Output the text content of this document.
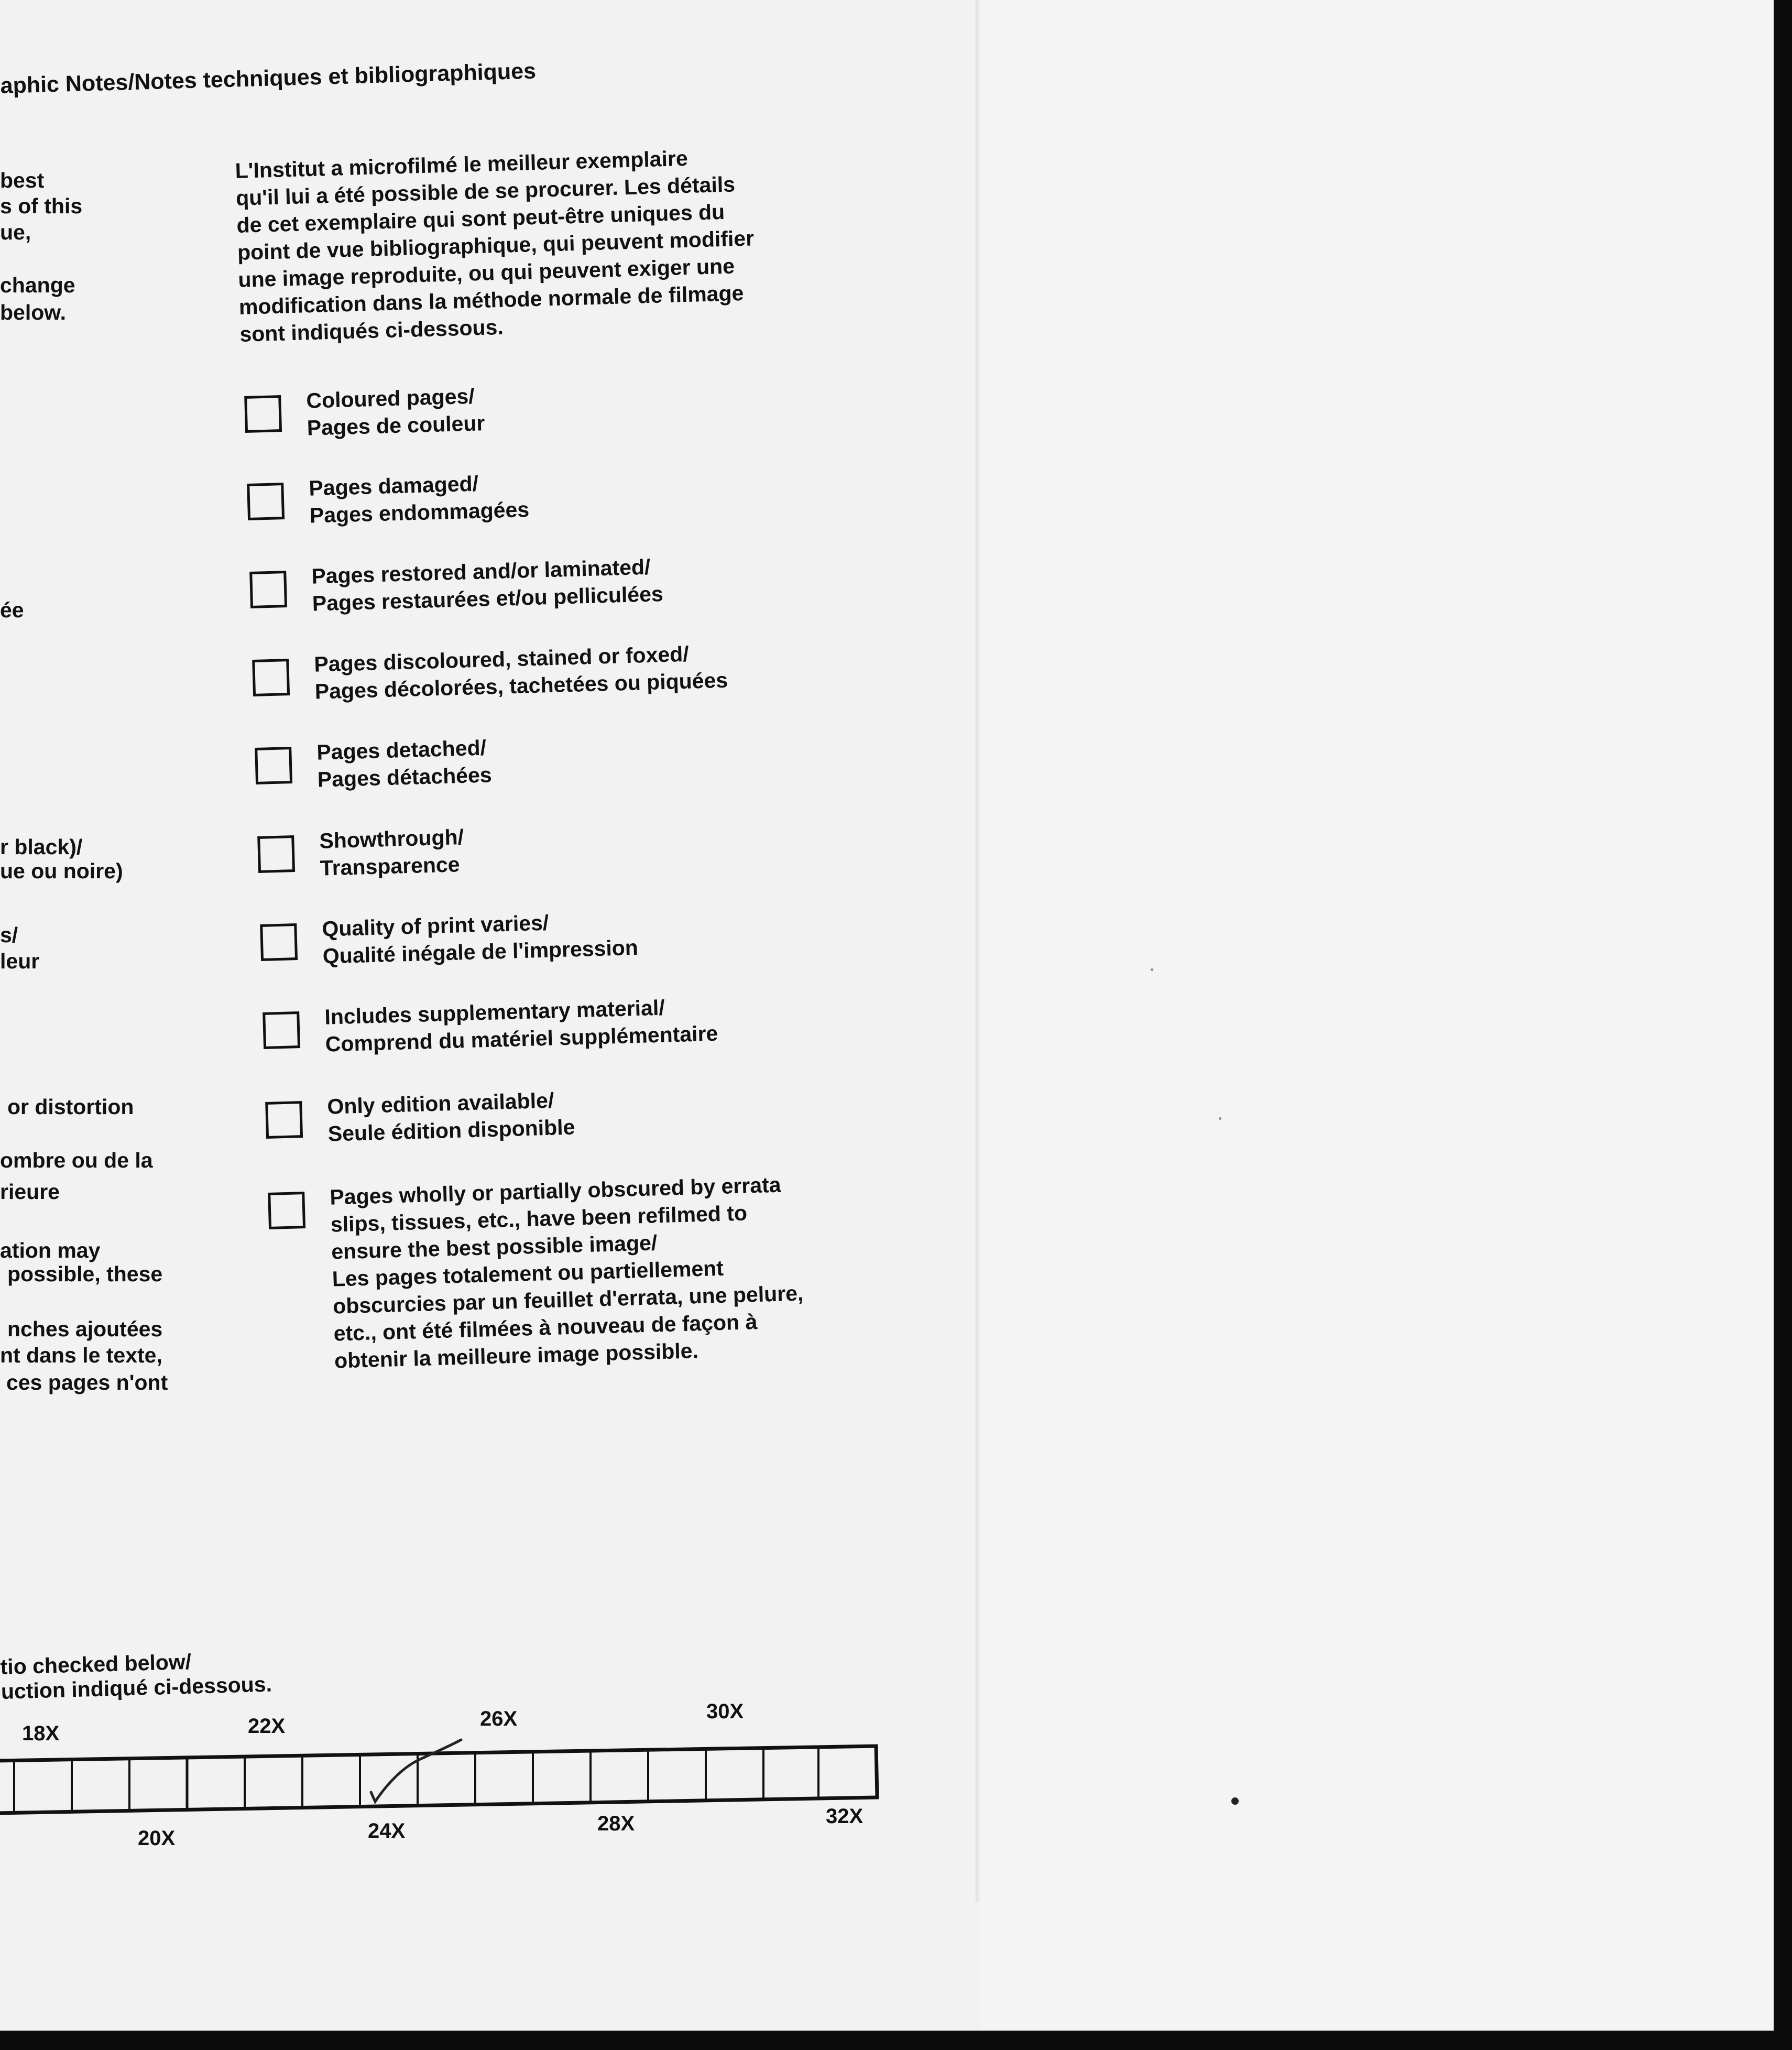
aphic Notes/Notes techniques et bibliographiques
best
s of this
ue,
change
below.
ée
r black)/
ue ou noire)
s/
leur
or distortion
ombre ou de la
rieure
ation may
possible, these
nches ajoutées
nt dans le texte,
ces pages n'ont
L'Institut a microfilmé le meilleur exemplaire
qu'il lui a été possible de se procurer. Les détails
de cet exemplaire qui sont peut-être uniques du
point de vue bibliographique, qui peuvent modifier
une image reproduite, ou qui peuvent exiger une
modification dans la méthode normale de filmage
sont indiqués ci-dessous.
Coloured pages/
Pages de couleur
Pages damaged/
Pages endommagées
Pages restored and/or laminated/
Pages restaurées et/ou pelliculées
Pages discoloured, stained or foxed/
Pages décolorées, tachetées ou piquées
Pages detached/
Pages détachées
Showthrough/
Transparence
Quality of print varies/
Qualité inégale de l'impression
Includes supplementary material/
Comprend du matériel supplémentaire
Only edition available/
Seule édition disponible
Pages wholly or partially obscured by errata
slips, tissues, etc., have been refilmed to
ensure the best possible image/
Les pages totalement ou partiellement
obscurcies par un feuillet d'errata, une pelure,
etc., ont été filmées à nouveau de façon à
obtenir la meilleure image possible.
tio checked below/
uction indiqué ci-dessous.
18X	22X	26X	30X
20X	24X	28X	32X
